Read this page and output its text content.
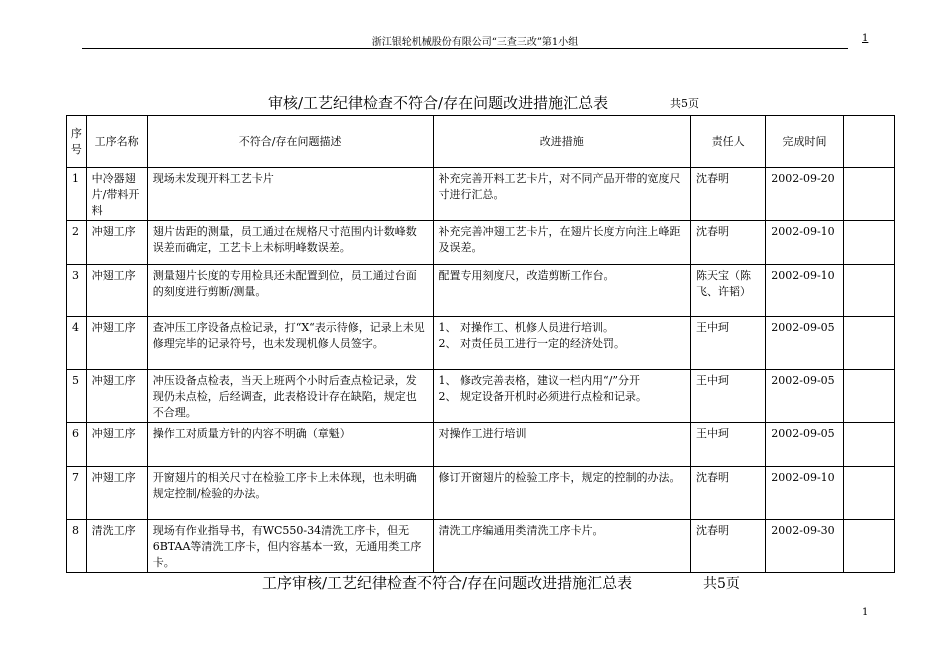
浙江银轮机械股份有限公司“三查三改”第1小组	1
审核/工艺纪律检查不符合/存在问题改进措施汇总表	共5页
序号	工序名称	不符合/存在问题描述	改进措施	责任人	完成时间	
1	中冷器翅片/带料开料	现场未发现开料工艺卡片	补充完善开料工艺卡片，对不同产品开带的宽度尺寸进行汇总。	沈春明	2002-09-20	
2	冲翅工序	翅片齿距的测量，员工通过在规格尺寸范围内计数峰数误差而确定，工艺卡上未标明峰数误差。	补充完善冲翅工艺卡片，在翅片长度方向注上峰距及误差。	沈春明	2002-09-10	
3	冲翅工序	测量翅片长度的专用检具还未配置到位，员工通过台面的刻度进行剪断/测量。	配置专用刻度尺，改造剪断工作台。	陈天宝（陈飞、许韬）	2002-09-10	
4	冲翅工序	查冲压工序设备点检记录，打“X“表示待修，记录上未见修理完毕的记录符号，也未发现机修人员签字。	1、 对操作工、机修人员进行培训。
2、 对责任员工进行一定的经济处罚。	王中珂	2002-09-05	
5	冲翅工序	冲压设备点检表，当天上班两个小时后查点检记录，发现仍未点检，后经调查，此表格设计存在缺陷，规定也不合理。	1、 修改完善表格，建议一栏内用“/”分开
2、 规定设备开机时必须进行点检和记录。	王中珂	2002-09-05	
6	冲翅工序	操作工对质量方针的内容不明确（章魁）	对操作工进行培训	王中珂	2002-09-05	
7	冲翅工序	开窗翅片的相关尺寸在检验工序卡上未体现，也未明确规定控制/检验的办法。	修订开窗翅片的检验工序卡，规定的控制的办法。	沈春明	2002-09-10	
8	清洗工序	现场有作业指导书，有WC550-34清洗工序卡，但无6BTAA等清洗工序卡，但内容基本一致，无通用类工序卡。	清洗工序编通用类清洗工序卡片。	沈春明	2002-09-30	
工序审核/工艺纪律检查不符合/存在问题改进措施汇总表	共5页
1
